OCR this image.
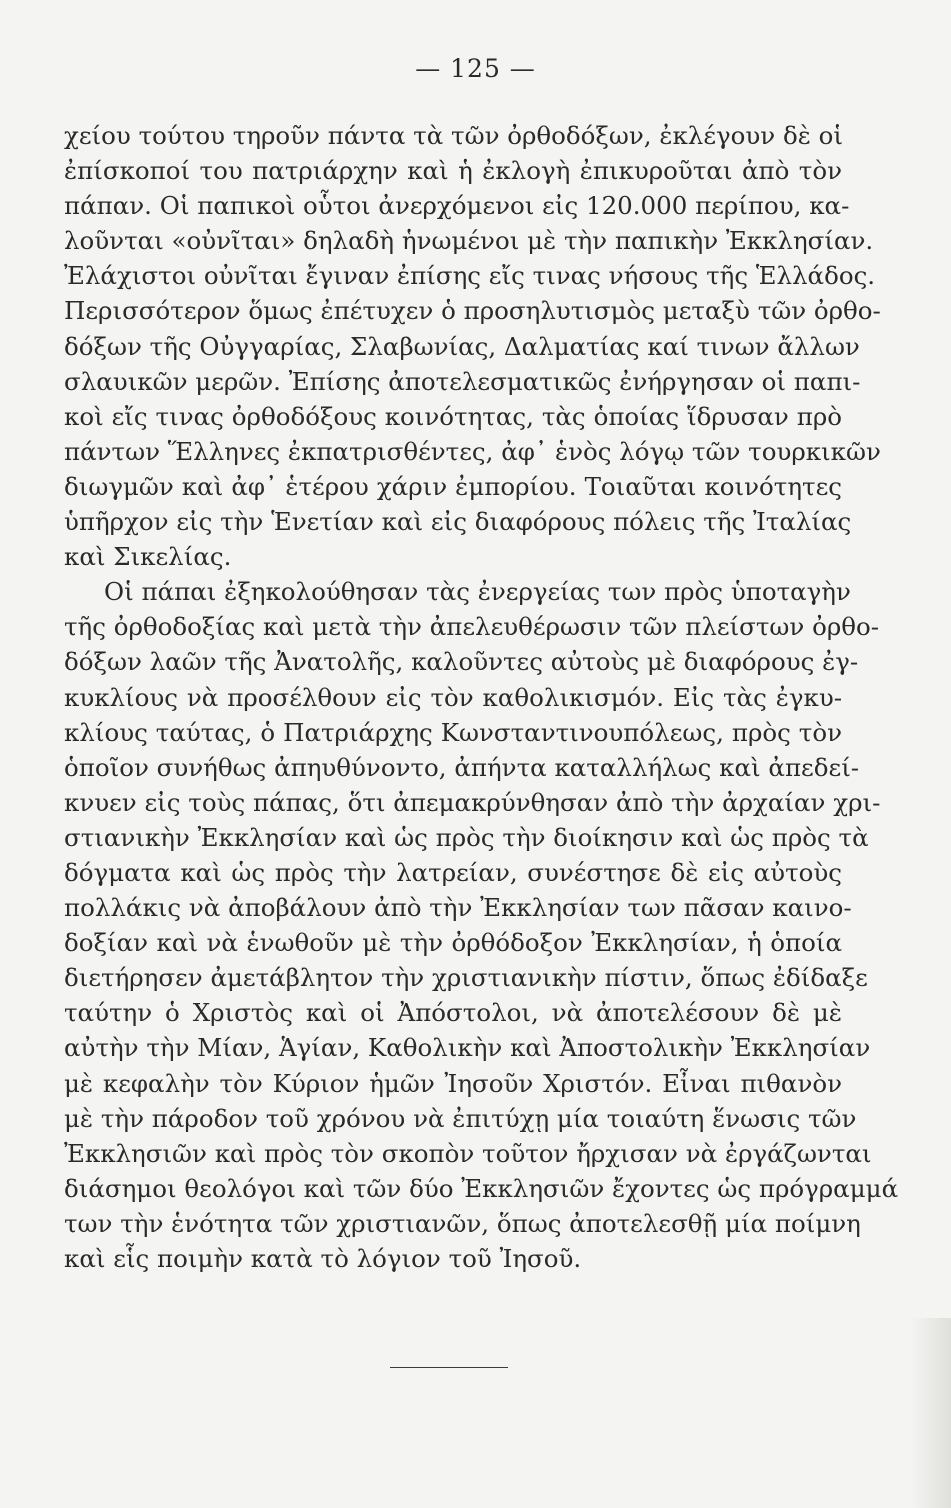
— 125 —
χείου τούτου τηροῦν πάντα τὰ τῶν ὀρθοδόξων, ἐκλέγουν δὲ οἱ
ἐπίσκοποί του πατριάρχην καὶ ἡ ἐκλογὴ ἐπικυροῦται ἀπὸ τὸν
πάπαν. Οἱ παπικοὶ οὗτοι ἀνερχόμενοι εἰς 120.000 περίπου, κα-
λοῦνται «οὐνῖται» δηλαδὴ ἡνωμένοι μὲ τὴν παπικὴν Ἐκκλησίαν.
Ἐλάχιστοι οὐνῖται ἔγιναν ἐπίσης εἴς τινας νήσους τῆς Ἑλλάδος.
Περισσότερον ὅμως ἐπέτυχεν ὁ προσηλυτισμὸς μεταξὺ τῶν ὀρθο-
δόξων τῆς Οὐγγαρίας, Σλαβωνίας, Δαλματίας καί τινων ἄλλων
σλαυικῶν μερῶν. Ἐπίσης ἀποτελεσματικῶς ἐνήργησαν οἱ παπι-
κοὶ εἴς τινας ὀρθοδόξους κοινότητας, τὰς ὁποίας ἵδρυσαν πρὸ
πάντων Ἕλληνες ἐκπατρισθέντες, ἀφ᾽ ἑνὸς λόγῳ τῶν τουρκικῶν
διωγμῶν καὶ ἀφ᾽ ἑτέρου χάριν ἐμπορίου. Τοιαῦται κοινότητες
ὑπῆρχον εἰς τὴν Ἑνετίαν καὶ εἰς διαφόρους πόλεις τῆς Ἰταλίας
καὶ Σικελίας.
Οἱ πάπαι ἐξηκολούθησαν τὰς ἐνεργείας των πρὸς ὑποταγὴν
τῆς ὀρθοδοξίας καὶ μετὰ τὴν ἀπελευθέρωσιν τῶν πλείστων ὀρθο-
δόξων λαῶν τῆς Ἀνατολῆς, καλοῦντες αὐτοὺς μὲ διαφόρους ἐγ-
κυκλίους νὰ προσέλθουν εἰς τὸν καθολικισμόν. Εἰς τὰς ἐγκυ-
κλίους ταύτας, ὁ Πατριάρχης Κωνσταντινουπόλεως, πρὸς τὸν
ὁποῖον συνήθως ἀπηυθύνοντο, ἀπήντα καταλλήλως καὶ ἀπεδεί-
κνυεν εἰς τοὺς πάπας, ὅτι ἀπεμακρύνθησαν ἀπὸ τὴν ἀρχαίαν χρι-
στιανικὴν Ἐκκλησίαν καὶ ὡς πρὸς τὴν διοίκησιν καὶ ὡς πρὸς τὰ
δόγματα καὶ ὡς πρὸς τὴν λατρείαν, συνέστησε δὲ εἰς αὐτοὺς
πολλάκις νὰ ἀποβάλουν ἀπὸ τὴν Ἐκκλησίαν των πᾶσαν καινο-
δοξίαν καὶ νὰ ἑνωθοῦν μὲ τὴν ὀρθόδοξον Ἐκκλησίαν, ἡ ὁποία
διετήρησεν ἀμετάβλητον τὴν χριστιανικὴν πίστιν, ὅπως ἐδίδαξε
ταύτην ὁ Χριστὸς καὶ οἱ Ἀπόστολοι, νὰ ἀποτελέσουν δὲ μὲ
αὐτὴν τὴν Μίαν, Ἁγίαν, Καθολικὴν καὶ Ἀποστολικὴν Ἐκκλησίαν
μὲ κεφαλὴν τὸν Κύριον ἡμῶν Ἰησοῦν Χριστόν. Εἶναι πιθανὸν
μὲ τὴν πάροδον τοῦ χρόνου νὰ ἐπιτύχῃ μία τοιαύτη ἕνωσις τῶν
Ἐκκλησιῶν καὶ πρὸς τὸν σκοπὸν τοῦτον ἤρχισαν νὰ ἐργάζωνται
διάσημοι θεολόγοι καὶ τῶν δύο Ἐκκλησιῶν ἔχοντες ὡς πρόγραμμά
των τὴν ἑνότητα τῶν χριστιανῶν, ὅπως ἀποτελεσθῇ μία ποίμνη
καὶ εἷς ποιμὴν κατὰ τὸ λόγιον τοῦ Ἰησοῦ.
